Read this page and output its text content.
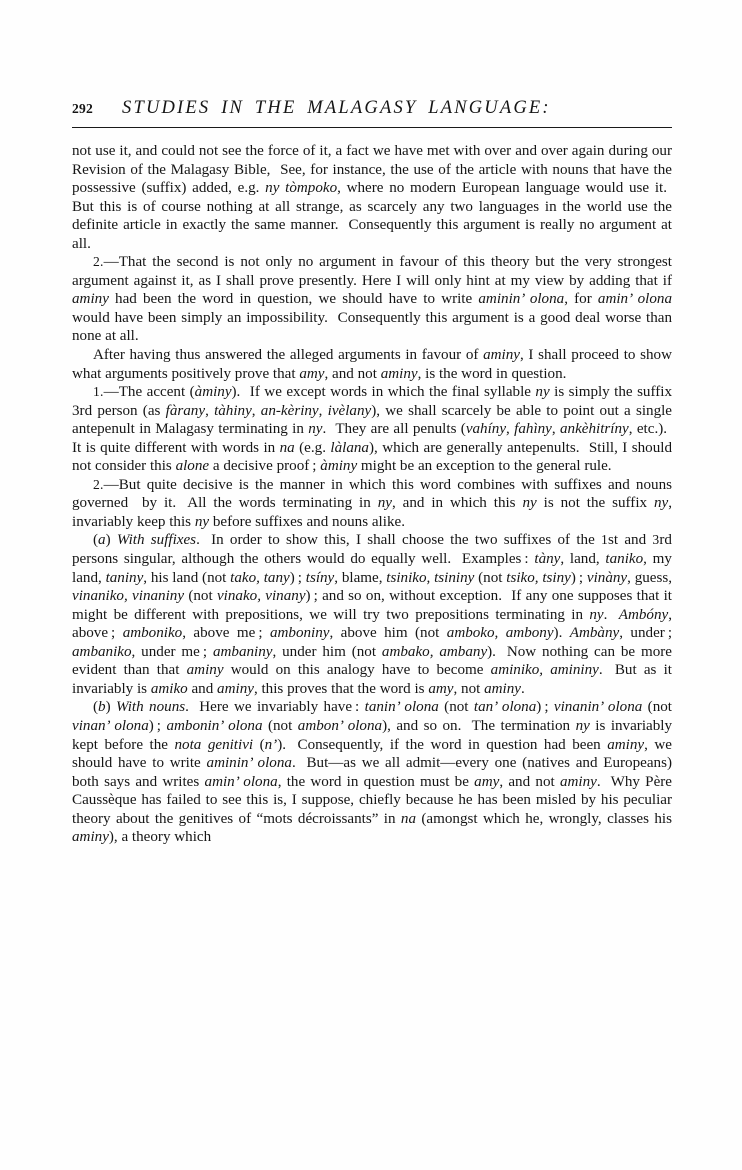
292 STUDIES IN THE MALAGASY LANGUAGE:

not use it, and could not see the force of it, a fact we have met with over and over again during our Revision of the Malagasy Bible, See, for instance, the use of the article with nouns that have the possessive (suffix) added, e.g. ny tòmpoko, where no modern European language would use it. But this is of course nothing at all strange, as scarcely any two languages in the world use the definite article in exactly the same manner. Consequently this argument is really no argument at all.

2.—That the second is not only no argument in favour of this theory but the very strongest argument against it, as I shall prove presently. Here I will only hint at my view by adding that if aminy had been the word in question, we should have to write aminin’ olona, for amin’ olona would have been simply an impossibility. Consequently this argument is a good deal worse than none at all.

After having thus answered the alleged arguments in favour of aminy, I shall proceed to show what arguments positively prove that amy, and not aminy, is the word in question.

1.—The accent (àminy). If we except words in which the final syllable ny is simply the suffix 3rd person (as fàrany, tàhiny, an-kèriny, ivèlany), we shall scarcely be able to point out a single antepenult in Malagasy terminating in ny. They are all penults (vahíny, fahìny, ankèhitríny, etc.). It is quite different with words in na (e.g. làlana), which are generally antepenults. Still, I should not consider this alone a decisive proof ; àminy might be an exception to the general rule.

2.—But quite decisive is the manner in which this word combines with suffixes and nouns governed  by it. All the words terminating in ny, and in which this ny is not the suffix ny, invariably keep this ny before suffixes and nouns alike.

(a) With suffixes. In order to show this, I shall choose the two suffixes of the 1st and 3rd persons singular, although the others would do equally well. Examples : tàny, land, taniko, my land, taniny, his land (not tako, tany) ; tsíny, blame, tsiniko, tsininy (not tsiko, tsiny) ; vinàny, guess, vinaniko, vinaniny (not vinako, vinany) ; and so on, without exception. If any one supposes that it might be different with prepositions, we will try two prepositions terminating in ny. Ambóny, above ; amboniko, above me ; amboniny, above him (not amboko, ambony). Ambàny, under ; ambaniko, under me ; ambaniny, under him (not ambako, ambany). Now nothing can be more evident than that aminy would on this analogy have to become aminiko, amininy. But as it invariably is amiko and aminy, this proves that the word is amy, not aminy.

(b) With nouns. Here we invariably have : tanin’ olona (not tan’ olona) ; vinanin’ olona (not vinan’ olona) ; ambonin’ olona (not ambon’ olona), and so on. The termination ny is invariably kept before the nota genitivi (n’). Consequently, if the word in question had been aminy, we should have to write aminin’ olona. But—as we all admit—every one (natives and Europeans) both says and writes amin’ olona, the word in question must be amy, and not aminy. Why Père Caussèque has failed to see this is, I suppose, chiefly because he has been misled by his peculiar theory about the genitives of “mots décroissants” in na (amongst which he, wrongly, classes his aminy), a theory which
